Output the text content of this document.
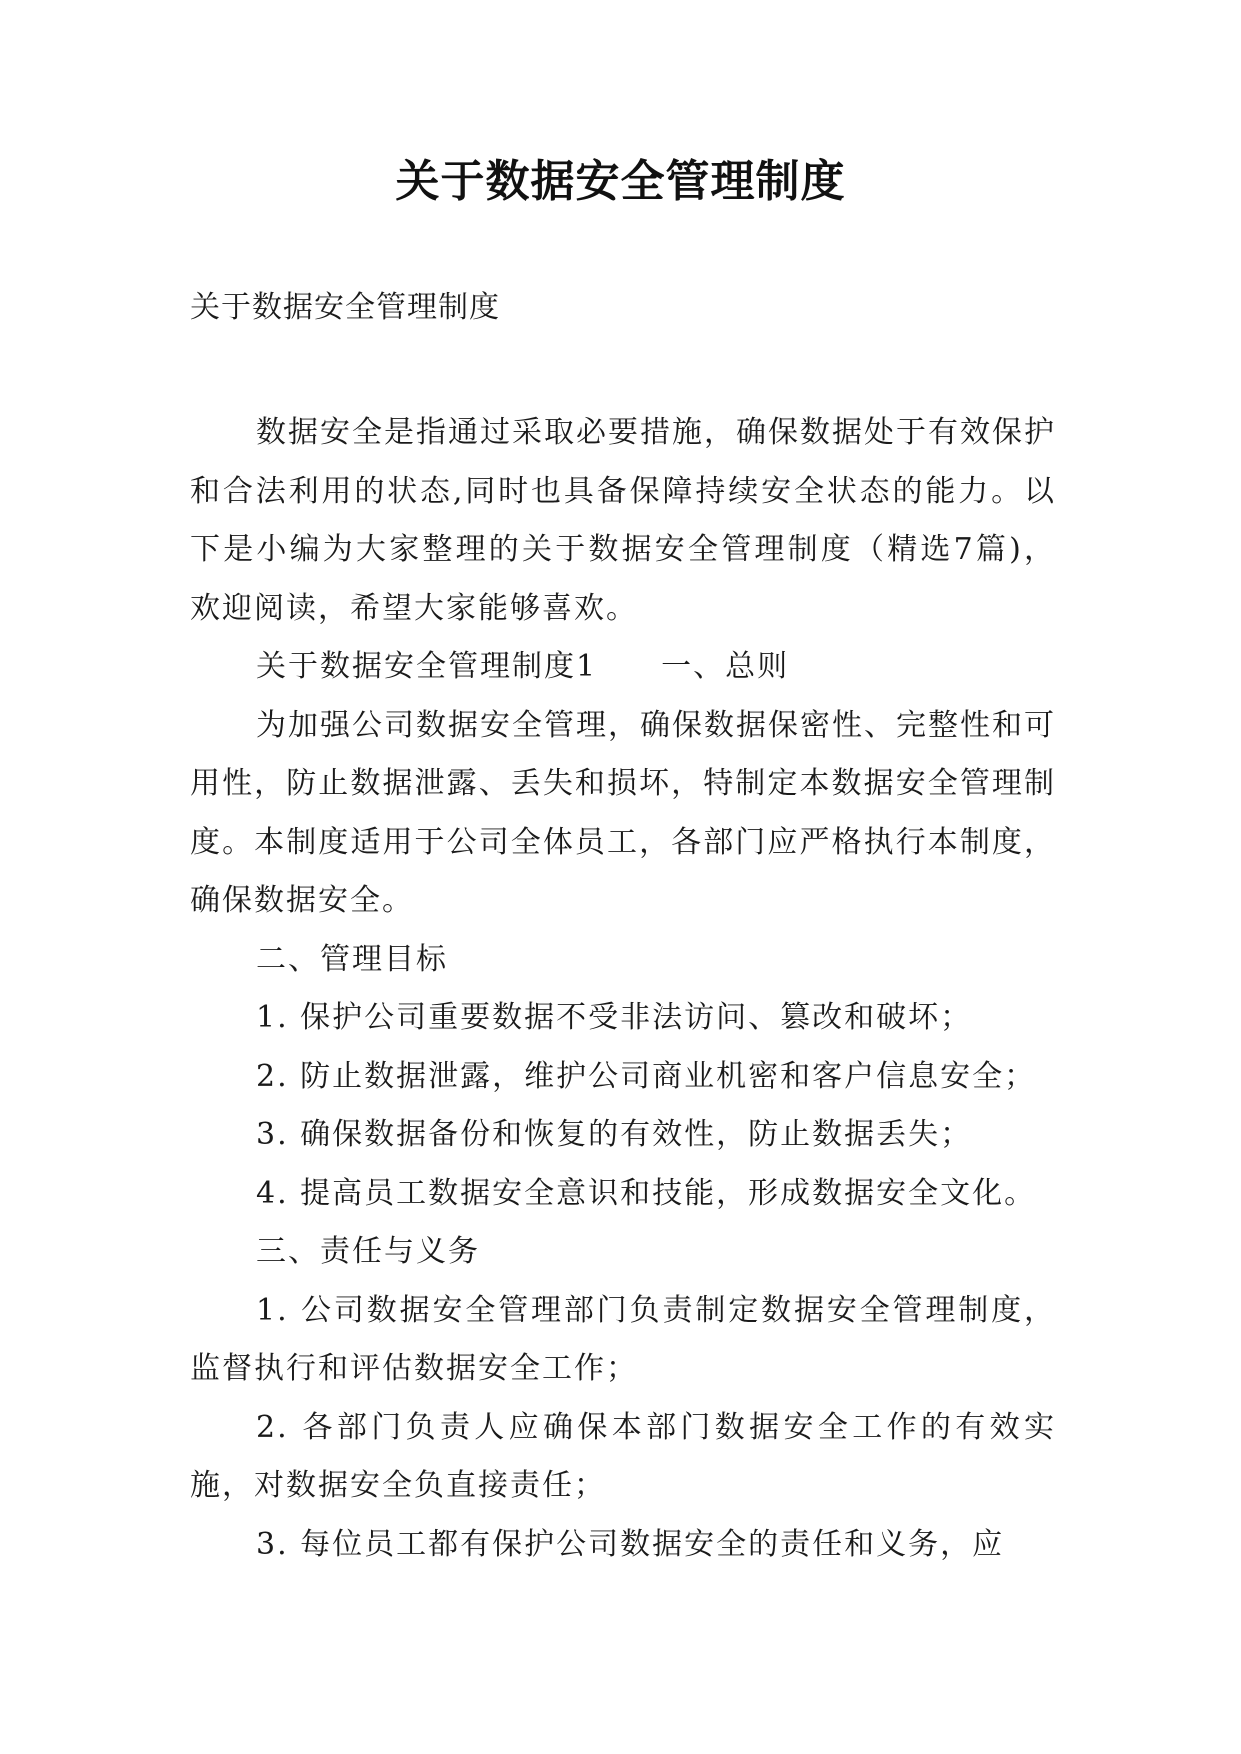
关于数据安全管理制度
关于数据安全管理制度

数据安全是指通过采取必要措施，确保数据处于有效保护和合法利用的状态,同时也具备保障持续安全状态的能力。以下是小编为大家整理的关于数据安全管理制度（精选7篇)，欢迎阅读，希望大家能够喜欢。

关于数据安全管理制度1 一、总则

为加强公司数据安全管理，确保数据保密性、完整性和可用性，防止数据泄露、丢失和损坏，特制定本数据安全管理制度。本制度适用于公司全体员工，各部门应严格执行本制度，确保数据安全。

二、管理目标

1. 保护公司重要数据不受非法访问、篡改和破坏；

2. 防止数据泄露，维护公司商业机密和客户信息安全；

3. 确保数据备份和恢复的有效性，防止数据丢失；

4. 提高员工数据安全意识和技能，形成数据安全文化。

三、责任与义务

1. 公司数据安全管理部门负责制定数据安全管理制度，监督执行和评估数据安全工作；

2. 各部门负责人应确保本部门数据安全工作的有效实施，对数据安全负直接责任；

3. 每位员工都有保护公司数据安全的责任和义务，应
